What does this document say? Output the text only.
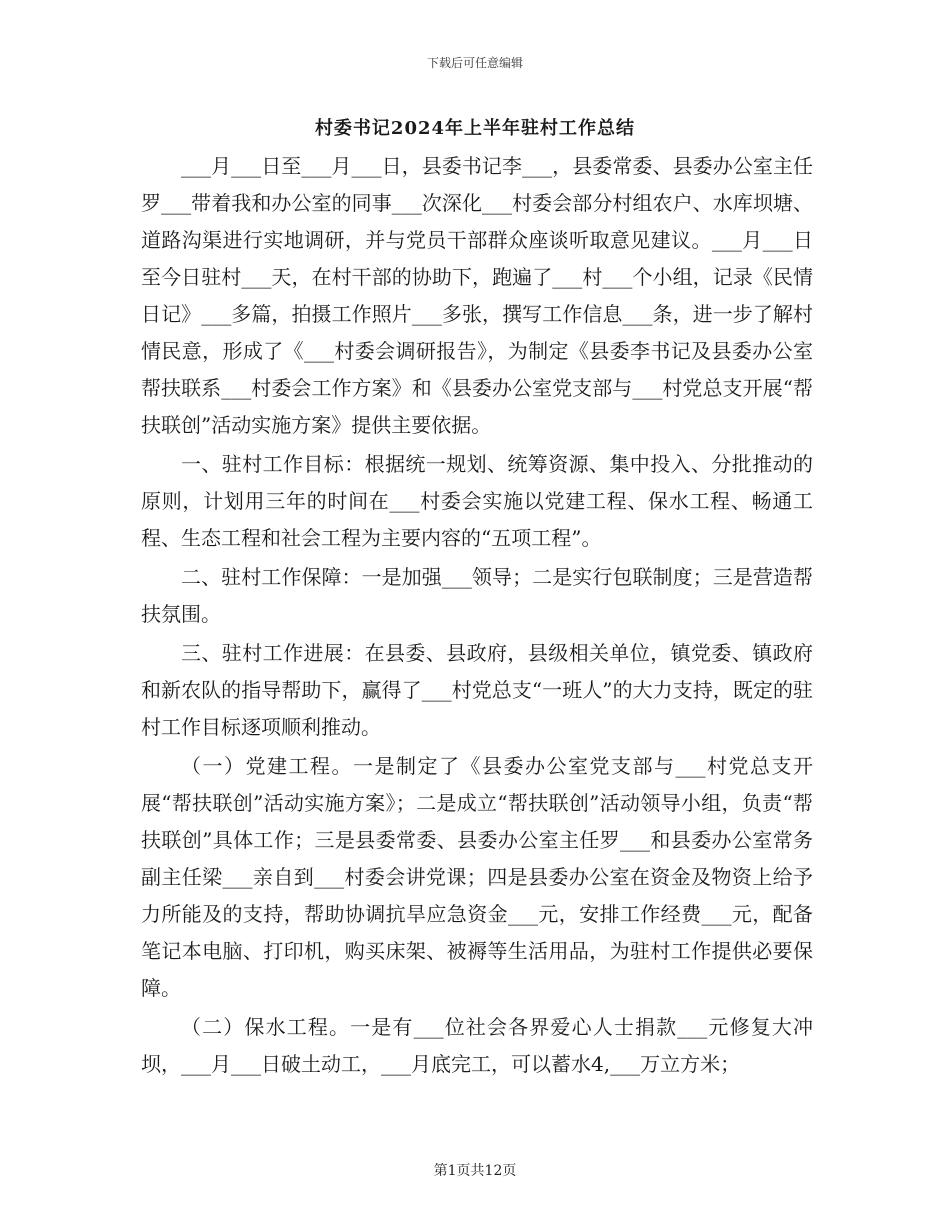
下载后可任意编辑
村委书记2024年上半年驻村工作总结

___月___日至___月___日，县委书记李___，县委常委、县委办公室主任罗___带着我和办公室的同事___次深化___村委会部分村组农户、水库坝塘、道路沟渠进行实地调研，并与党员干部群众座谈听取意见建议。___月___日至今日驻村___天，在村干部的协助下，跑遍了___村___个小组，记录《民情日记》___多篇，拍摄工作照片___多张，撰写工作信息___条，进一步了解村情民意，形成了《___村委会调研报告》，为制定《县委李书记及县委办公室帮扶联系___村委会工作方案》和《县委办公室党支部与___村党总支开展“帮扶联创”活动实施方案》提供主要依据。

一、驻村工作目标：根据统一规划、统筹资源、集中投入、分批推动的原则，计划用三年的时间在___村委会实施以党建工程、保水工程、畅通工程、生态工程和社会工程为主要内容的“五项工程”。

二、驻村工作保障：一是加强___领导；二是实行包联制度；三是营造帮扶氛围。

三、驻村工作进展：在县委、县政府，县级相关单位，镇党委、镇政府和新农队的指导帮助下，赢得了___村党总支“一班人”的大力支持，既定的驻村工作目标逐项顺利推动。

（一）党建工程。一是制定了《县委办公室党支部与___村党总支开展“帮扶联创”活动实施方案》；二是成立“帮扶联创”活动领导小组，负责“帮扶联创”具体工作；三是县委常委、县委办公室主任罗___和县委办公室常务副主任梁___亲自到___村委会讲党课；四是县委办公室在资金及物资上给予力所能及的支持，帮助协调抗旱应急资金___元，安排工作经费___元，配备笔记本电脑、打印机，购买床架、被褥等生活用品，为驻村工作提供必要保障。

（二）保水工程。一是有___位社会各界爱心人士捐款___元修复大冲坝，___月___日破土动工，___月底完工，可以蓄水4,___万立方米；

第1页共12页
